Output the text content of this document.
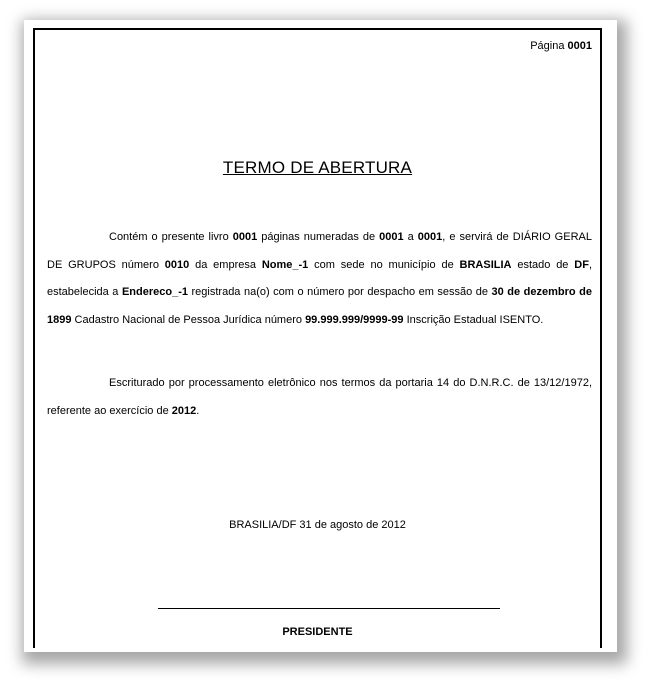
Página 0001
TERMO DE ABERTURA
Contém o presente livro 0001 páginas numeradas de 0001 a 0001, e servirá de DIÁRIO GERAL DE GRUPOS número 0010 da empresa Nome_-1 com sede no município de BRASILIA estado de DF, estabelecida a Endereco_-1 registrada na(o) com o número por despacho em sessão de 30 de dezembro de 1899 Cadastro Nacional de Pessoa Jurídica número 99.999.999/9999-99 Inscrição Estadual ISENTO.
Escriturado por processamento eletrônico nos termos da portaria 14 do D.N.R.C. de 13/12/1972, referente ao exercício de 2012.
BRASILIA/DF 31 de agosto de 2012
PRESIDENTE
